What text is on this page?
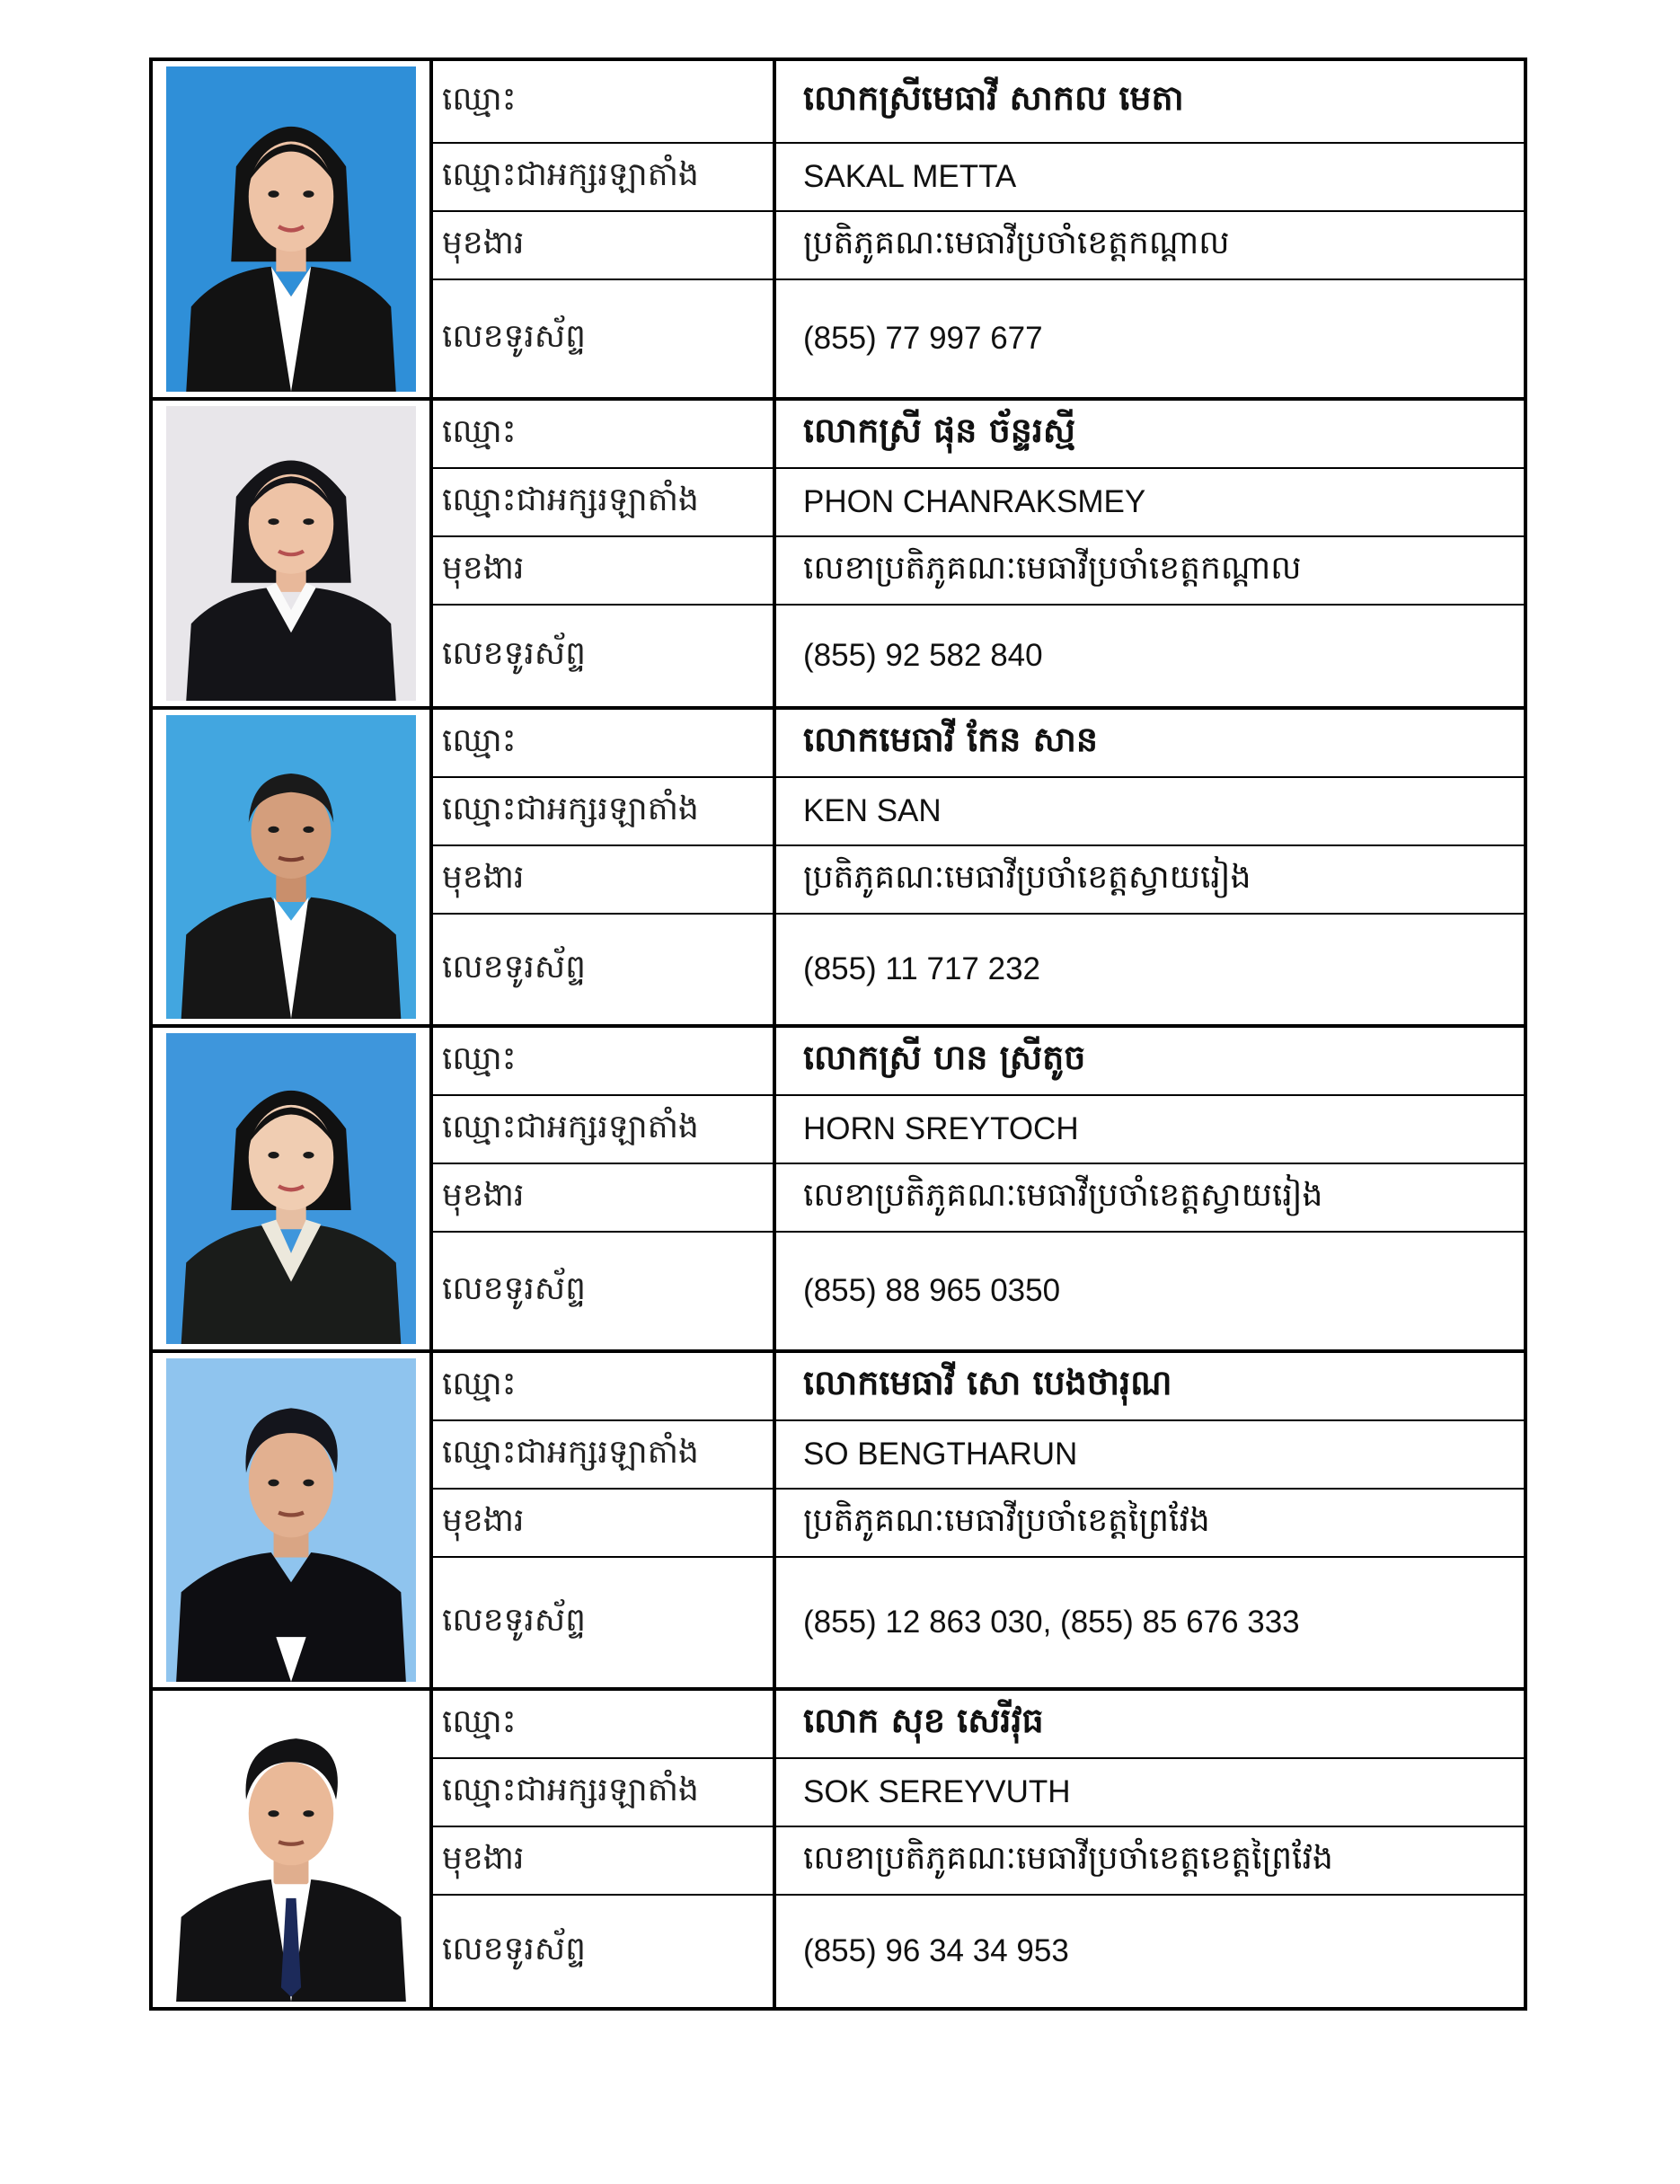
ឈ្មោះ	លោកស្រីមេធាវី សាកល មេតា
ឈ្មោះជាអក្សរឡាតាំង	SAKAL METTA
មុខងារ	ប្រតិភូគណៈមេធាវីប្រចាំខេត្តកណ្តាល
លេខទូរស័ព្ទ	(855) 77 997 677
ឈ្មោះ	លោកស្រី ផុន ច័ន្ទរស្មី
ឈ្មោះជាអក្សរឡាតាំង	PHON CHANRAKSMEY
មុខងារ	លេខាប្រតិភូគណៈមេធាវីប្រចាំខេត្តកណ្តាល
លេខទូរស័ព្ទ	(855) 92 582 840
ឈ្មោះ	លោកមេធាវី កែន សាន
ឈ្មោះជាអក្សរឡាតាំង	KEN SAN
មុខងារ	ប្រតិភូគណៈមេធាវីប្រចាំខេត្តស្វាយរៀង
លេខទូរស័ព្ទ	(855) 11 717 232
ឈ្មោះ	លោកស្រី ហន ស្រីតូច
ឈ្មោះជាអក្សរឡាតាំង	HORN SREYTOCH
មុខងារ	លេខាប្រតិភូគណៈមេធាវីប្រចាំខេត្តស្វាយរៀង
លេខទូរស័ព្ទ	(855) 88 965 0350
ឈ្មោះ	លោកមេធាវី សោ បេងថារុណ
ឈ្មោះជាអក្សរឡាតាំង	SO BENGTHARUN
មុខងារ	ប្រតិភូគណៈមេធាវីប្រចាំខេត្តព្រៃវែង
លេខទូរស័ព្ទ	(855) 12 863 030, (855) 85 676 333
ឈ្មោះ	លោក សុខ សេរីវុធ
ឈ្មោះជាអក្សរឡាតាំង	SOK SEREYVUTH
មុខងារ	លេខាប្រតិភូគណៈមេធាវីប្រចាំខេត្តខេត្តព្រៃវែង
លេខទូរស័ព្ទ	(855) 96 34 34 953
